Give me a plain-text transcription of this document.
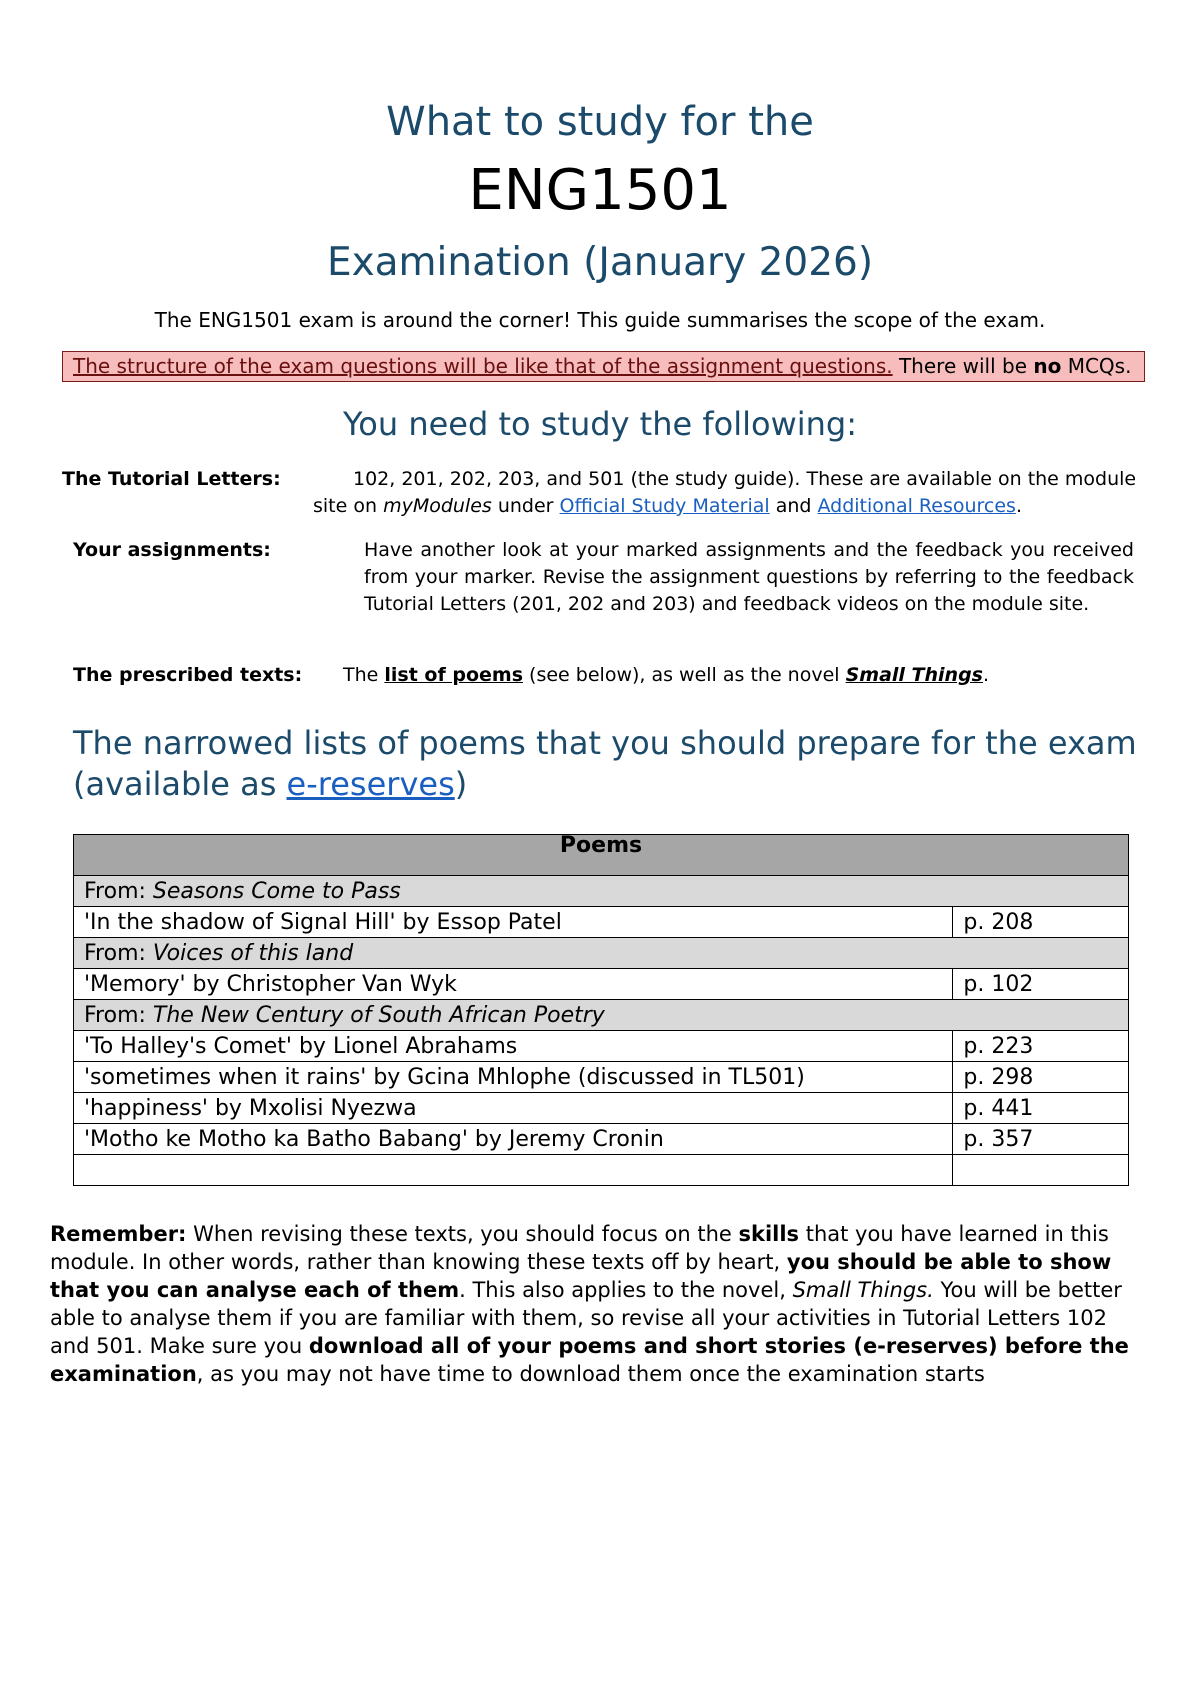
What to study for the
ENG1501
Examination (January 2026)
The ENG1501 exam is around the corner! This guide summarises the scope of the exam.
The structure of the exam questions will be like that of the assignment questions. There will be no MCQs.
You need to study the following:
The Tutorial Letters:	102, 201, 202, 203, and 501 (the study guide). These are available on the module
site on myModules under Official Study Material and Additional Resources.
Your assignments:	Have another look at your marked assignments and the feedback you received from your marker. Revise the assignment questions by referring to the feedback Tutorial Letters (201, 202 and 203) and feedback videos on the module site.
The prescribed texts: The list of poems (see below), as well as the novel Small Things.
The narrowed lists of poems that you should prepare for the exam
(available as e-reserves)
Poems	
From: Seasons Come to Pass	
'In the shadow of Signal Hill' by Essop Patel	p. 208
From: Voices of this land	
'Memory' by Christopher Van Wyk	p. 102
From: The New Century of South African Poetry	
'To Halley's Comet' by Lionel Abrahams	p. 223
'sometimes when it rains' by Gcina Mhlophe (discussed in TL501)	p. 298
'happiness' by Mxolisi Nyezwa	p. 441
'Motho ke Motho ka Batho Babang' by Jeremy Cronin	p. 357

Remember: When revising these texts, you should focus on the skills that you have learned in this module. In other words, rather than knowing these texts off by heart, you should be able to show that you can analyse each of them. This also applies to the novel, Small Things. You will be better able to analyse them if you are familiar with them, so revise all your activities in Tutorial Letters 102 and 501. Make sure you download all of your poems and short stories (e-reserves) before the examination, as you may not have time to download them once the examination starts
